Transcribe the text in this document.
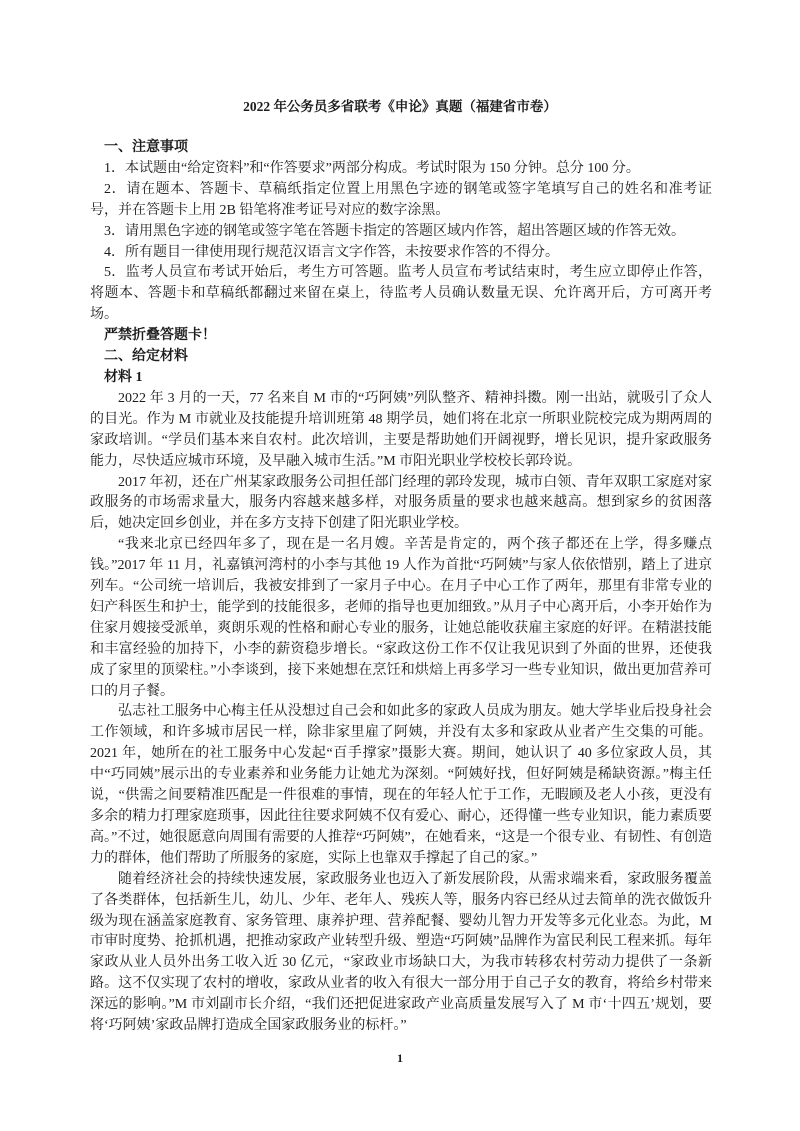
2022 年公务员多省联考《申论》真题（福建省市卷）

一、注意事项

1．本试题由“给定资料”和“作答要求”两部分构成。考试时限为 150 分钟。总分 100 分。

2．请在题本、答题卡、草稿纸指定位置上用黑色字迹的钢笔或签字笔填写自己的姓名和准考证号，并在答题卡上用 2B 铅笔将准考证号对应的数字涂黑。

3．请用黑色字迹的钢笔或签字笔在答题卡指定的答题区域内作答，超出答题区域的作答无效。

4．所有题目一律使用现行规范汉语言文字作答，未按要求作答的不得分。

5．监考人员宣布考试开始后，考生方可答题。监考人员宣布考试结束时，考生应立即停止作答，将题本、答题卡和草稿纸都翻过来留在桌上，待监考人员确认数量无误、允许离开后，方可离开考场。

严禁折叠答题卡！

二、给定材料

材料 1

2022 年 3 月的一天，77 名来自 M 市的“巧阿姨”列队整齐、精神抖擞。刚一出站，就吸引了众人的目光。作为 M 市就业及技能提升培训班第 48 期学员，她们将在北京一所职业院校完成为期两周的家政培训。“学员们基本来自农村。此次培训，主要是帮助她们开阔视野，增长见识，提升家政服务能力，尽快适应城市环境，及早融入城市生活。”M 市阳光职业学校校长郭玲说。

2017 年初，还在广州某家政服务公司担任部门经理的郭玲发现，城市白领、青年双职工家庭对家政服务的市场需求量大，服务内容越来越多样，对服务质量的要求也越来越高。想到家乡的贫困落后，她决定回乡创业，并在多方支持下创建了阳光职业学校。

“我来北京已经四年多了，现在是一名月嫂。辛苦是肯定的，两个孩子都还在上学，得多赚点钱。”2017 年 11 月，礼嘉镇河湾村的小李与其他 19 人作为首批“巧阿姨”与家人依依惜别，踏上了进京列车。“公司统一培训后，我被安排到了一家月子中心。在月子中心工作了两年，那里有非常专业的妇产科医生和护士，能学到的技能很多，老师的指导也更加细致。”从月子中心离开后，小李开始作为住家月嫂接受派单，爽朗乐观的性格和耐心专业的服务，让她总能收获雇主家庭的好评。在精湛技能和丰富经验的加持下，小李的薪资稳步增长。“家政这份工作不仅让我见识到了外面的世界，还使我成了家里的顶梁柱。”小李谈到，接下来她想在烹饪和烘焙上再多学习一些专业知识，做出更加营养可口的月子餐。

弘志社工服务中心梅主任从没想过自己会和如此多的家政人员成为朋友。她大学毕业后投身社会工作领域，和许多城市居民一样，除非家里雇了阿姨，并没有太多和家政从业者产生交集的可能。2021 年，她所在的社工服务中心发起“百手撑家”摄影大赛。期间，她认识了 40 多位家政人员，其中“巧同姨”展示出的专业素养和业务能力让她尤为深刻。“阿姨好找，但好阿姨是稀缺资源。”梅主任说，“供需之间要精准匹配是一件很难的事情，现在的年轻人忙于工作，无暇顾及老人小孩，更没有多余的精力打理家庭琐事，因此往往要求阿姨不仅有爱心、耐心，还得懂一些专业知识，能力素质要高。”不过，她很愿意向周围有需要的人推荐“巧阿姨”，在她看来，“这是一个很专业、有韧性、有创造力的群体，他们帮助了所服务的家庭，实际上也靠双手撑起了自己的家。”

随着经济社会的持续快速发展，家政服务业也迈入了新发展阶段，从需求端来看，家政服务覆盖了各类群体，包括新生儿，幼儿、少年、老年人、残疾人等，服务内容已经从过去简单的洗衣做饭升级为现在涵盖家庭教育、家务管理、康养护理、营养配餐、婴幼儿智力开发等多元化业态。为此，M 市审时度势、抢抓机遇，把推动家政产业转型升级、塑造“巧阿姨”品牌作为富民利民工程来抓。每年家政从业人员外出务工收入近 30 亿元，“家政业市场缺口大，为我市转移农村劳动力提供了一条新路。这不仅实现了农村的增收，家政从业者的收入有很大一部分用于自己子女的教育，将给乡村带来深远的影响。”M 市刘副市长介绍，“我们还把促进家政产业高质量发展写入了 M 市‘十四五’规划，要将‘巧阿姨’家政品牌打造成全国家政服务业的标杆。”

1
